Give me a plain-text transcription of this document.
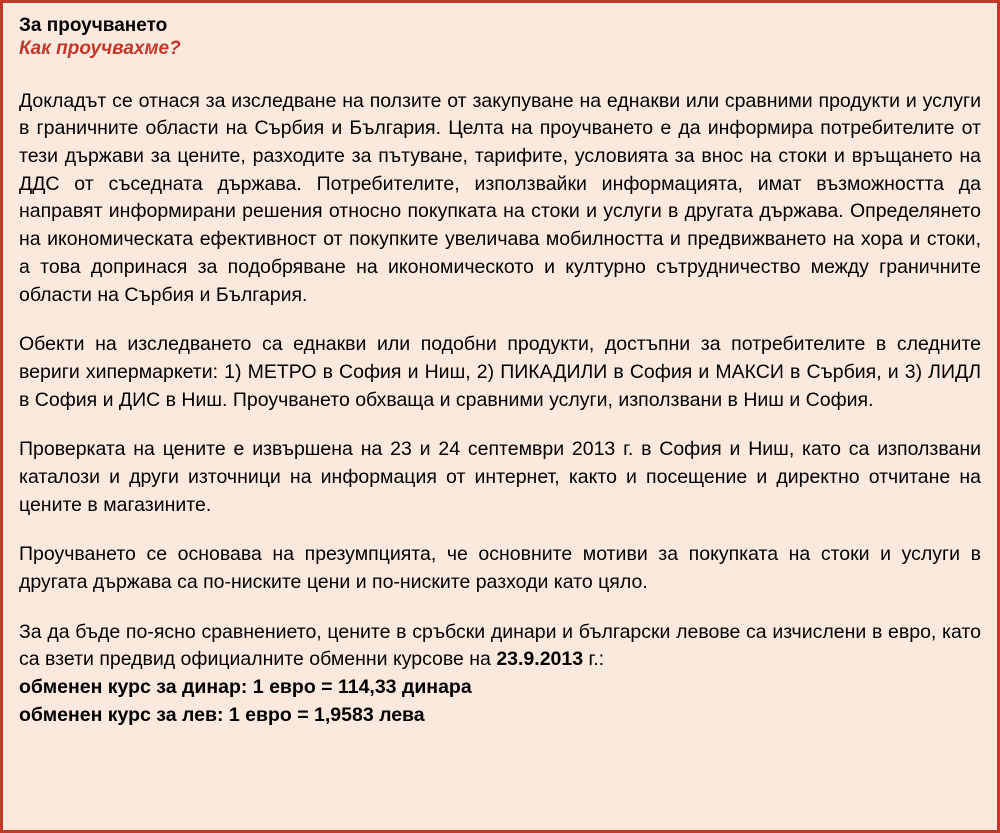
За проучването
Как проучвахме?

Докладът се отнася за изследване на ползите от закупуване на еднакви или сравними продукти и услуги в граничните области на Сърбия и България. Целта на проучването е да информира потребителите от тези държави за цените, разходите за пътуване, тарифите, условията за внос на стоки и връщането на ДДС от съседната държава. Потребителите, използвайки информацията, имат възможността да направят информирани решения относно покупката на стоки и услуги в другата държава. Определянето на икономическата ефективност от покупките увеличава мобилността и предвижването на хора и стоки, а това допринася за подобряване на икономическото и културно сътрудничество между граничните области на Сърбия и България.

Обекти на изследването са еднакви или подобни продукти, достъпни за потребителите в следните вериги хипермаркети: 1) МЕТРО в София и Ниш, 2) ПИКАДИЛИ в София и МАКСИ в Сърбия, и 3) ЛИДЛ в София и ДИС в Ниш. Проучването обхваща и сравними услуги, използвани в Ниш и София.

Проверката на цените е извършена на 23 и 24 септември 2013 г. в София и Ниш, като са използвани каталози и други източници на информация от интернет, както и посещение и директно отчитане на цените в магазините.

Проучването се основава на презумпцията, че основните мотиви за покупката на стоки и услуги в другата държава са по-ниските цени и по-ниските разходи като цяло.

За да бъде по-ясно сравнението, цените в сръбски динари и български левове са изчислени в евро, като са взети предвид официалните обменни курсове на 23.9.2013 г.:

обменен курс за динар: 1 евро = 114,33 динара

обменен курс за лев: 1 евро = 1,9583 лева
